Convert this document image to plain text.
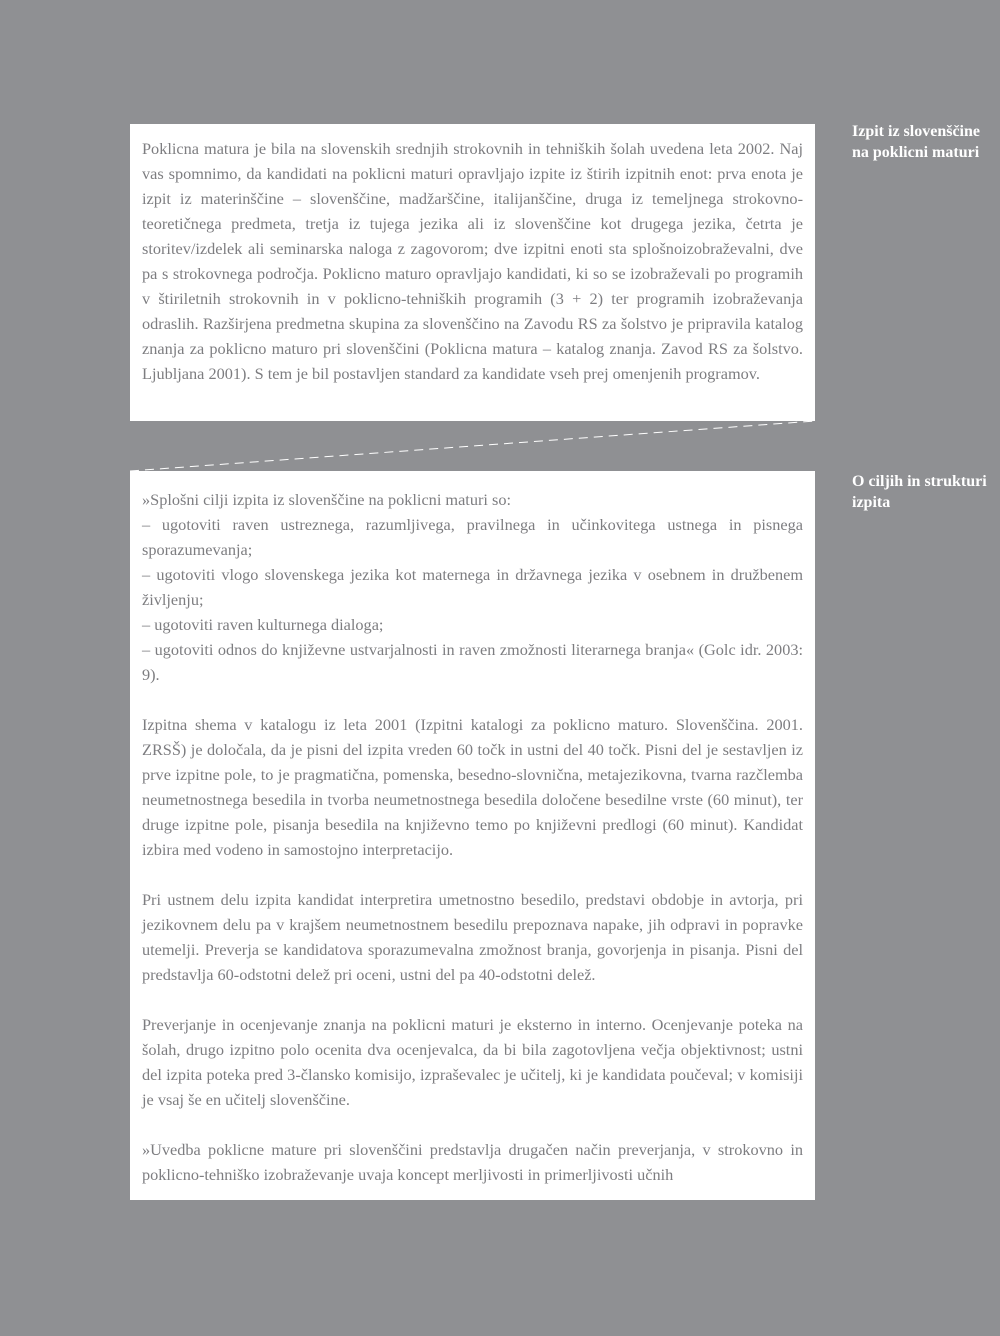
Izpit iz slovenščine na poklicni maturi
O ciljih in strukturi izpita

Poklicna matura je bila na slovenskih srednjih strokovnih in tehniških šolah uvedena leta 2002. Naj vas spomnimo, da kandidati na poklicni maturi opravljajo izpite iz štirih izpitnih enot: prva enota je izpit iz materinščine – slovenščine, madžarščine, italijanščine, druga iz temeljnega strokovno-teoretičnega predmeta, tretja iz tujega jezika ali iz slovenščine kot drugega jezika, četrta je storitev/izdelek ali seminarska naloga z zagovorom; dve izpitni enoti sta splošnoizobraževalni, dve pa s strokovnega področja. Poklicno maturo opravljajo kandidati, ki so se izobraževali po programih v štiriletnih strokovnih in v poklicno-tehniških programih (3 + 2) ter programih izobraževanja odraslih. Razširjena predmetna skupina za slovenščino na Zavodu RS za šolstvo je pripravila katalog znanja za poklicno maturo pri slovenščini (Poklicna matura – katalog znanja. Zavod RS za šolstvo. Ljubljana 2001). S tem je bil postavljen standard za kandidate vseh prej omenjenih programov.

»Splošni cilji izpita iz slovenščine na poklicni maturi so:

– ugotoviti raven ustreznega, razumljivega, pravilnega in učinkovitega ustnega in pisnega sporazumevanja;

– ugotoviti vlogo slovenskega jezika kot maternega in državnega jezika v osebnem in družbenem življenju;

– ugotoviti raven kulturnega dialoga;

– ugotoviti odnos do književne ustvarjalnosti in raven zmožnosti literarnega branja« (Golc idr. 2003: 9).

Izpitna shema v katalogu iz leta 2001 (Izpitni katalogi za poklicno maturo. Slovenščina. 2001. ZRSŠ) je določala, da je pisni del izpita vreden 60 točk in ustni del 40 točk. Pisni del je sestavljen iz prve izpitne pole, to je pragmatična, pomenska, besedno-slovnična, metajezikovna, tvarna razčlemba neumetnostnega besedila in tvorba neumetnostnega besedila določene besedilne vrste (60 minut), ter druge izpitne pole, pisanja besedila na književno temo po književni predlogi (60 minut). Kandidat izbira med vodeno in samostojno interpretacijo.

Pri ustnem delu izpita kandidat interpretira umetnostno besedilo, predstavi obdobje in avtorja, pri jezikovnem delu pa v krajšem neumetnostnem besedilu prepoznava napake, jih odpravi in popravke utemelji. Preverja se kandidatova sporazumevalna zmožnost branja, govorjenja in pisanja. Pisni del predstavlja 60-odstotni delež pri oceni, ustni del pa 40-odstotni delež.

Preverjanje in ocenjevanje znanja na poklicni maturi je eksterno in interno. Ocenjevanje poteka na šolah, drugo izpitno polo ocenita dva ocenjevalca, da bi bila zagotovljena večja objektivnost; ustni del izpita poteka pred 3-člansko komisijo, izpraševalec je učitelj, ki je kandidata poučeval; v komisiji je vsaj še en učitelj slovenščine.

»Uvedba poklicne mature pri slovenščini predstavlja drugačen način preverjanja, v strokovno in poklicno-tehniško izobraževanje uvaja koncept merljivosti in primerljivosti učnih
